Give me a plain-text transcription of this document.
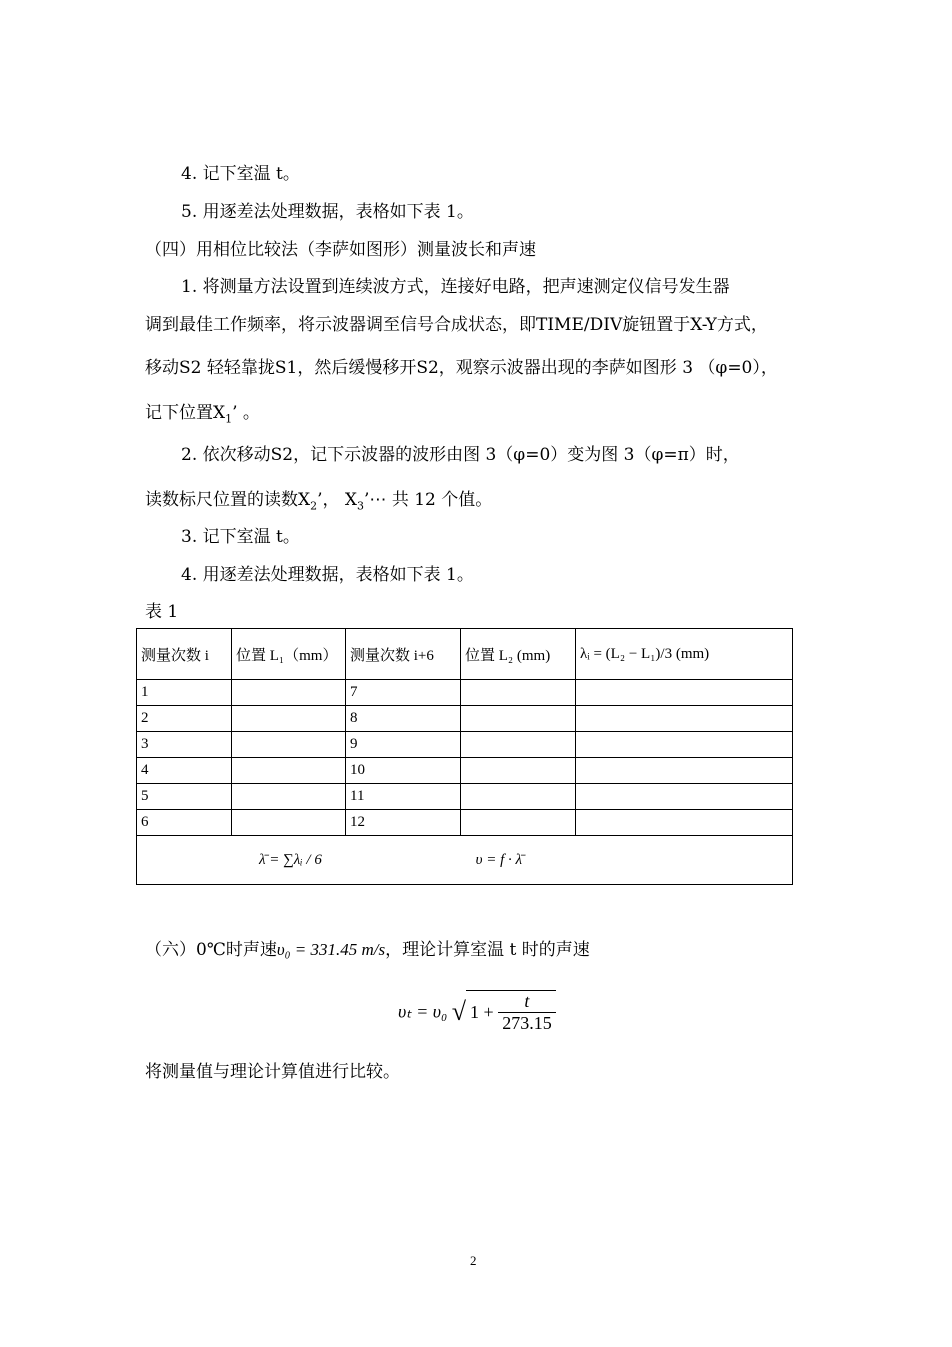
4. 记下室温 t。
5. 用逐差法处理数据，表格如下表 1。
（四）用相位比较法（李萨如图形）测量波长和声速
1. 将测量方法设置到连续波方式，连接好电路，把声速测定仪信号发生器
调到最佳工作频率，将示波器调至信号合成状态，即TIME/DIV旋钮置于X-Y方式，
移动S2 轻轻靠拢S1，然后缓慢移开S2，观察示波器出现的李萨如图形 3 （φ=0），
记下位置$X_1$’ 。
2. 依次移动S2，记下示波器的波形由图 3（φ=0）变为图 3（φ=π）时，
读数标尺位置的读数$X_2$’， $X_3’\cdots$ 共 12 个值。
3. 记下室温 t。
4. 用逐差法处理数据，表格如下表 1。
表 1
测量次数 i	位置 L₁（mm）	测量次数 i+6	位置 L₂ (mm)	λᵢ = (L₂ − L₁)/3 (mm)
1		7		
2		8		
3		9		
4		10		
5		11		
6		12		
λ̄ = ∑λᵢ / 6 υ = f · λ̄				
（六）0℃时声速υ₀ = 331.45 m/s，理论计算室温 t 时的声速
υₜ = υ₀ √ $1 + \frac{t}{273.15}$
将测量值与理论计算值进行比较。
2
